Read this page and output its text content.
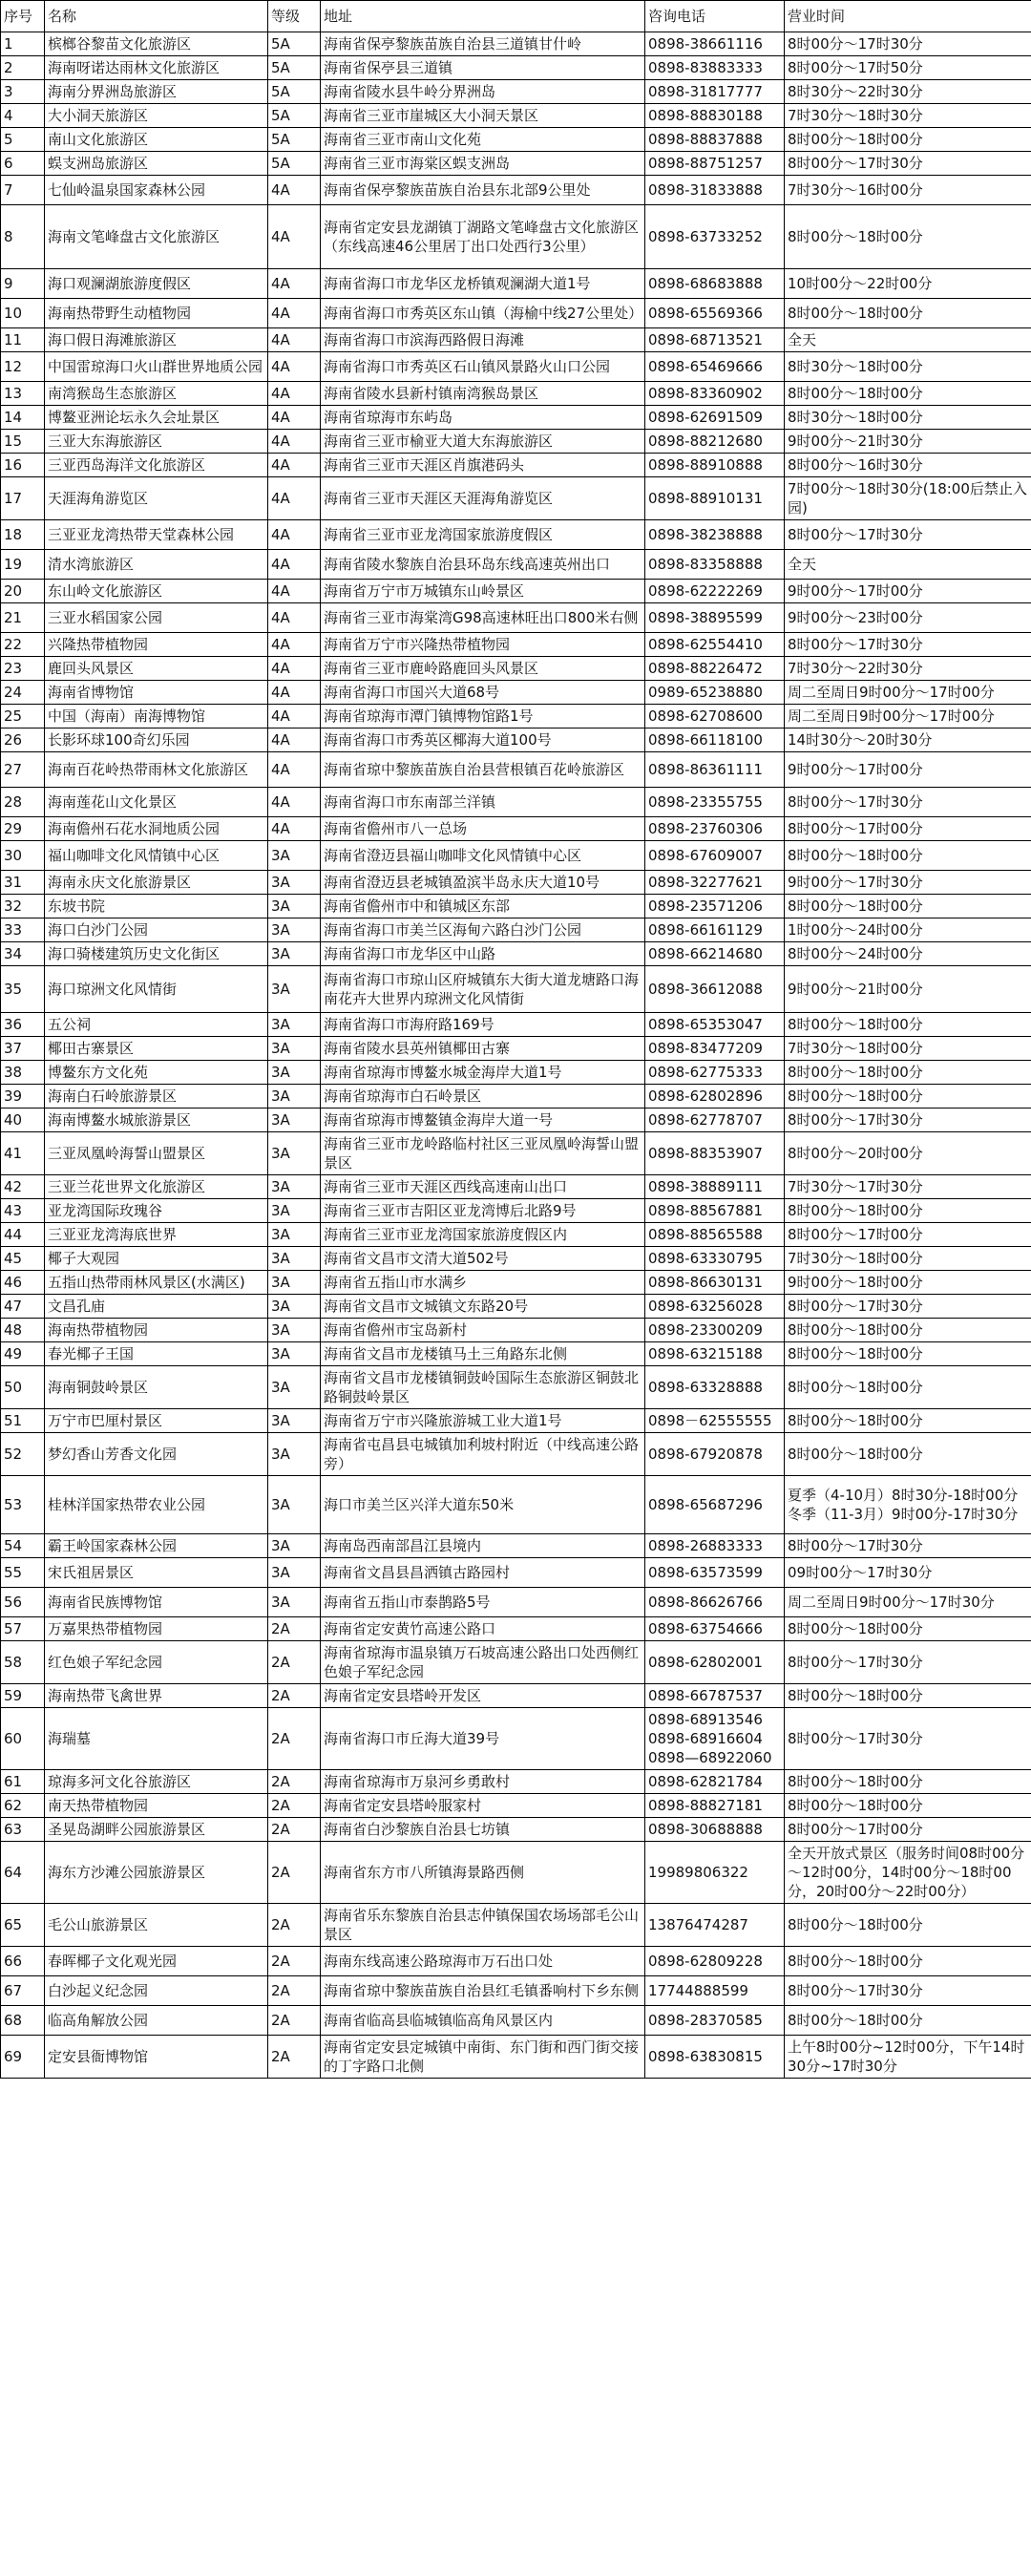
序号	名称	等级	地址	咨询电话	营业时间
1	槟榔谷黎苗文化旅游区	5A	海南省保亭黎族苗族自治县三道镇甘什岭	0898-38661116	8时00分～17时30分
2	海南呀诺达雨林文化旅游区	5A	海南省保亭县三道镇	0898-83883333	8时00分～17时50分
3	海南分界洲岛旅游区	5A	海南省陵水县牛岭分界洲岛	0898-31817777	8时30分～22时30分
4	大小洞天旅游区	5A	海南省三亚市崖城区大小洞天景区	0898-88830188	7时30分～18时30分
5	南山文化旅游区	5A	海南省三亚市南山文化苑	0898-88837888	8时00分～18时00分
6	蜈支洲岛旅游区	5A	海南省三亚市海棠区蜈支洲岛	0898-88751257	8时00分～17时30分
7	七仙岭温泉国家森林公园	4A	海南省保亭黎族苗族自治县东北部9公里处	0898-31833888	7时30分～16时00分
8	海南文笔峰盘古文化旅游区	4A	海南省定安县龙湖镇丁湖路文笔峰盘古文化旅游区（东线高速46公里居丁出口处西行3公里）	0898-63733252	8时00分～18时00分
9	海口观澜湖旅游度假区	4A	海南省海口市龙华区龙桥镇观澜湖大道1号	0898-68683888	10时00分～22时00分
10	海南热带野生动植物园	4A	海南省海口市秀英区东山镇（海榆中线27公里处）	0898-65569366	8时00分～18时00分
11	海口假日海滩旅游区	4A	海南省海口市滨海西路假日海滩	0898-68713521	全天
12	中国雷琼海口火山群世界地质公园	4A	海南省海口市秀英区石山镇风景路火山口公园	0898-65469666	8时30分～18时00分
13	南湾猴岛生态旅游区	4A	海南省陵水县新村镇南湾猴岛景区	0898-83360902	8时00分～18时00分
14	博鳌亚洲论坛永久会址景区	4A	海南省琼海市东屿岛	0898-62691509	8时30分～18时00分
15	三亚大东海旅游区	4A	海南省三亚市榆亚大道大东海旅游区	0898-88212680	9时00分～21时30分
16	三亚西岛海洋文化旅游区	4A	海南省三亚市天涯区肖旗港码头	0898-88910888	8时00分～16时30分
17	天涯海角游览区	4A	海南省三亚市天涯区天涯海角游览区	0898-88910131	7时00分～18时30分(18:00后禁止入园)
18	三亚亚龙湾热带天堂森林公园	4A	海南省三亚市亚龙湾国家旅游度假区	0898-38238888	8时00分～17时30分
19	清水湾旅游区	4A	海南省陵水黎族自治县环岛东线高速英州出口	0898-83358888	全天
20	东山岭文化旅游区	4A	海南省万宁市万城镇东山岭景区	0898-62222269	9时00分～17时00分
21	三亚水稻国家公园	4A	海南省三亚市海棠湾G98高速林旺出口800米右侧	0898-38895599	9时00分～23时00分
22	兴隆热带植物园	4A	海南省万宁市兴隆热带植物园	0898-62554410	8时00分～17时30分
23	鹿回头风景区	4A	海南省三亚市鹿岭路鹿回头风景区	0898-88226472	7时30分～22时30分
24	海南省博物馆	4A	海南省海口市国兴大道68号	0989-65238880	周二至周日9时00分～17时00分
25	中国（海南）南海博物馆	4A	海南省琼海市潭门镇博物馆路1号	0898-62708600	周二至周日9时00分～17时00分
26	长影环球100奇幻乐园	4A	海南省海口市秀英区椰海大道100号	0898-66118100	14时30分～20时30分
27	海南百花岭热带雨林文化旅游区	4A	海南省琼中黎族苗族自治县营根镇百花岭旅游区	0898-86361111	9时00分～17时00分
28	海南莲花山文化景区	4A	海南省海口市东南部兰洋镇	0898-23355755	8时00分～17时30分
29	海南儋州石花水洞地质公园	4A	海南省儋州市八一总场	0898-23760306	8时00分～17时00分
30	福山咖啡文化风情镇中心区	3A	海南省澄迈县福山咖啡文化风情镇中心区	0898-67609007	8时00分～18时00分
31	海南永庆文化旅游景区	3A	海南省澄迈县老城镇盈滨半岛永庆大道10号	0898-32277621	9时00分～17时30分
32	东坡书院	3A	海南省儋州市中和镇城区东部	0898-23571206	8时00分～18时00分
33	海口白沙门公园	3A	海南省海口市美兰区海甸六路白沙门公园	0898-66161129	1时00分～24时00分
34	海口骑楼建筑历史文化街区	3A	海南省海口市龙华区中山路	0898-66214680	8时00分～24时00分
35	海口琼洲文化风情街	3A	海南省海口市琼山区府城镇东大街大道龙塘路口海南花卉大世界内琼洲文化风情街	0898-36612088	9时00分～21时00分
36	五公祠	3A	海南省海口市海府路169号	0898-65353047	8时00分～18时00分
37	椰田古寨景区	3A	海南省陵水县英州镇椰田古寨	0898-83477209	7时30分～18时00分
38	博鳌东方文化苑	3A	海南省琼海市博鳌水城金海岸大道1号	0898-62775333	8时00分～18时00分
39	海南白石岭旅游景区	3A	海南省琼海市白石岭景区	0898-62802896	8时00分～18时00分
40	海南博鳌水城旅游景区	3A	海南省琼海市博鳌镇金海岸大道一号	0898-62778707	8时00分～17时30分
41	三亚凤凰岭海誓山盟景区	3A	海南省三亚市龙岭路临村社区三亚凤凰岭海誓山盟景区	0898-88353907	8时00分～20时00分
42	三亚兰花世界文化旅游区	3A	海南省三亚市天涯区西线高速南山出口	0898-38889111	7时30分～17时30分
43	亚龙湾国际玫瑰谷	3A	海南省三亚市吉阳区亚龙湾博后北路9号	0898-88567881	8时00分～18时00分
44	三亚亚龙湾海底世界	3A	海南省三亚市亚龙湾国家旅游度假区内	0898-88565588	8时00分～17时00分
45	椰子大观园	3A	海南省文昌市文清大道502号	0898-63330795	7时30分～18时00分
46	五指山热带雨林风景区(水满区)	3A	海南省五指山市水满乡	0898-86630131	9时00分～18时00分
47	文昌孔庙	3A	海南省文昌市文城镇文东路20号	0898-63256028	8时00分～17时30分
48	海南热带植物园	3A	海南省儋州市宝岛新村	0898-23300209	8时00分～18时00分
49	春光椰子王国	3A	海南省文昌市龙楼镇马土三角路东北侧	0898-63215188	8时00分～18时00分
50	海南铜鼓岭景区	3A	海南省文昌市龙楼镇铜鼓岭国际生态旅游区铜鼓北路铜鼓岭景区	0898-63328888	8时00分～18时00分
51	万宁市巴厘村景区	3A	海南省万宁市兴隆旅游城工业大道1号	0898－62555555	8时00分～18时00分
52	梦幻香山芳香文化园	3A	海南省屯昌县屯城镇加利坡村附近（中线高速公路旁）	0898-67920878	8时00分～18时00分
53	桂林洋国家热带农业公园	3A	海口市美兰区兴洋大道东50米	0898-65687296	夏季（4-10月）8时30分-18时00分
冬季（11-3月）9时00分-17时30分
54	霸王岭国家森林公园	3A	海南岛西南部昌江县境内	0898-26883333	8时00分～17时30分
55	宋氏祖居景区	3A	海南省文昌县昌洒镇古路园村	0898-63573599	09时00分～17时30分
56	海南省民族博物馆	3A	海南省五指山市泰鹊路5号	0898-86626766	周二至周日9时00分～17时30分
57	万嘉果热带植物园	2A	海南省定安黄竹高速公路口	0898-63754666	8时00分～18时00分
58	红色娘子军纪念园	2A	海南省琼海市温泉镇万石坡高速公路出口处西侧红色娘子军纪念园	0898-62802001	8时00分～17时30分
59	海南热带飞禽世界	2A	海南省定安县塔岭开发区	0898-66787537	8时00分～18时00分
60	海瑞墓	2A	海南省海口市丘海大道39号	0898-68913546
0898-68916604
0898—68922060	8时00分～17时30分
61	琼海多河文化谷旅游区	2A	海南省琼海市万泉河乡勇敢村	0898-62821784	8时00分～18时00分
62	南天热带植物园	2A	海南省定安县塔岭服家村	0898-88827181	8时00分～18时00分
63	圣晃岛湖畔公园旅游景区	2A	海南省白沙黎族自治县七坊镇	0898-30688888	8时00分～17时00分
64	海东方沙滩公园旅游景区	2A	海南省东方市八所镇海景路西侧	19989806322	全天开放式景区（服务时间08时00分～12时00分，14时00分～18时00分，20时00分～22时00分）
65	毛公山旅游景区	2A	海南省乐东黎族自治县志仲镇保国农场场部毛公山景区	13876474287	8时00分～18时00分
66	春晖椰子文化观光园	2A	海南东线高速公路琼海市万石出口处	0898-62809228	8时00分～18时00分
67	白沙起义纪念园	2A	海南省琼中黎族苗族自治县红毛镇番响村下乡东侧	17744888599	8时00分～17时30分
68	临高角解放公园	2A	海南省临高县临城镇临高角风景区内	0898-28370585	8时00分～18时00分
69	定安县衙博物馆	2A	海南省定安县定城镇中南街、东门街和西门街交接的丁字路口北侧	0898-63830815	上午8时00分~12时00分，下午14时30分~17时30分
